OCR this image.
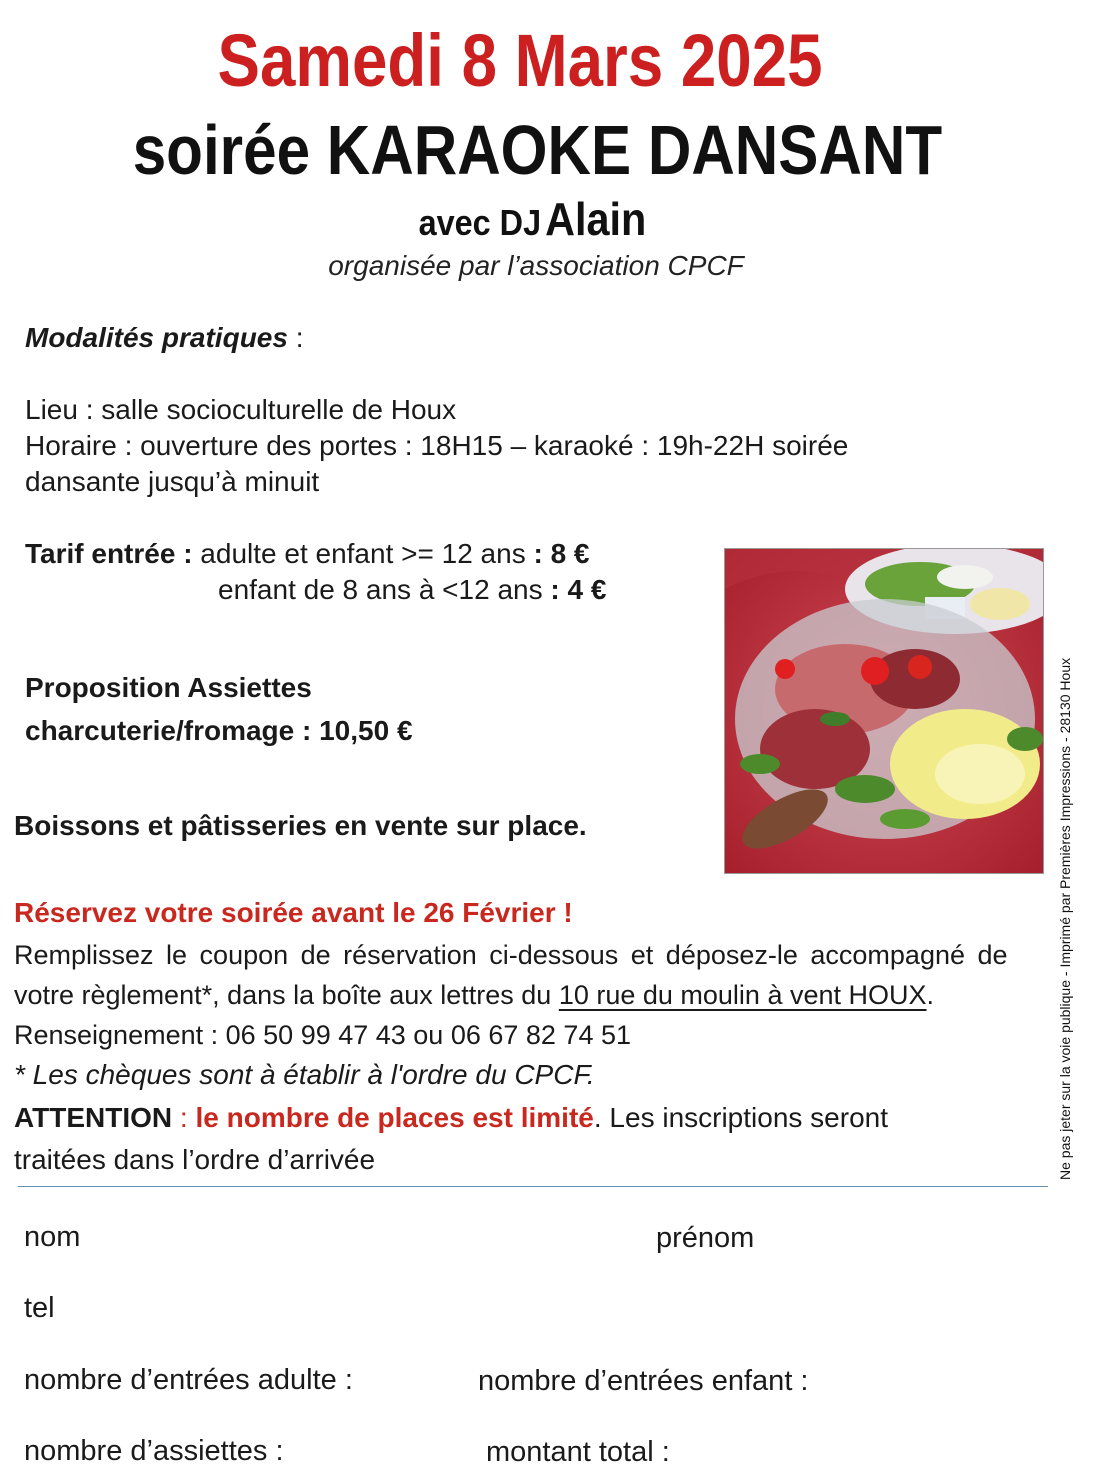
Samedi 8 Mars 2025
soirée KARAOKE DANSANT
avec DJ Alain
organisée par l’association CPCF
Modalités pratiques :
Lieu : salle socioculturelle de Houx
Horaire : ouverture des portes : 18H15 – karaoké : 19h-22H soirée
dansante jusqu’à minuit
Tarif entrée : adulte et enfant >= 12 ans : 8 €
enfant de 8 ans à <12 ans : 4 €
Proposition Assiettes
charcuterie/fromage : 10,50 €
Boissons et pâtisseries en vente sur place.
Réservez votre soirée avant le 26 Février !
Remplissez le coupon de réservation ci-dessous et déposez-le accompagné de
votre règlement*, dans la boîte aux lettres du 10 rue du moulin à vent HOUX.
Renseignement : 06 50 99 47 43 ou 06 67 82 74 51
* Les chèques sont à établir à l'ordre du CPCF.
ATTENTION : le nombre de places est limité. Les inscriptions seront
traitées dans l’ordre d’arrivée	Ne pas jeter sur la voie publique - Imprimé par Premières Impressions - 28130 Houx
nom	prénom
tel
nombre d’entrées adulte :	nombre d’entrées enfant :
nombre d’assiettes :	montant total :
